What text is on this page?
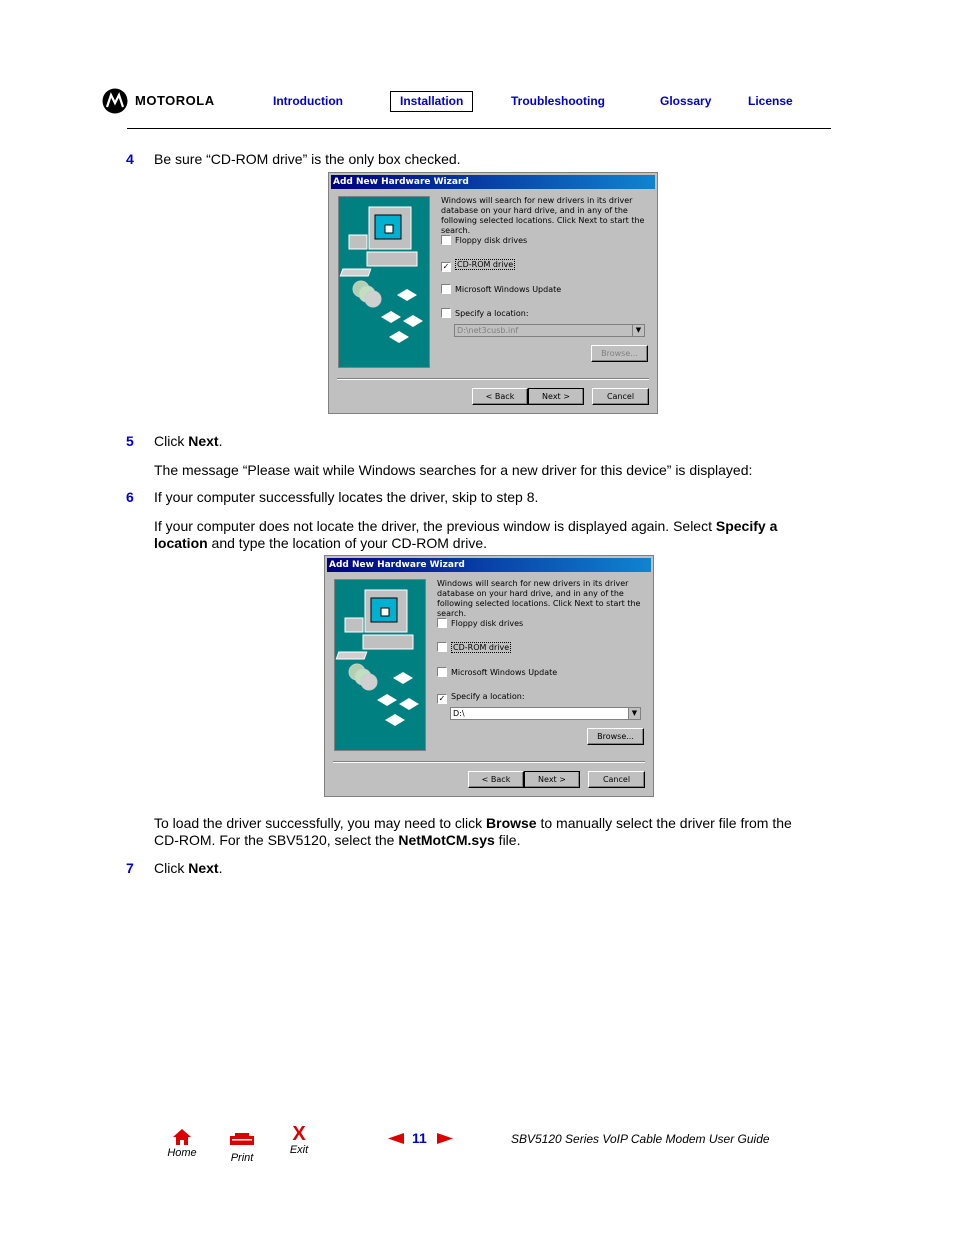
MOTOROLA	Introduction	Installation	Troubleshooting	Glossary	License
4 Be sure “CD-ROM drive” is the only box checked.
Add New Hardware Wizard
Windows will search for new drivers in its driver database on your hard drive, and in any of the following selected locations. Click Next to start the search.
Floppy disk drives
✓ CD-ROM drive
Microsoft Windows Update
Specify a location:
D:\net3cusb.inf	▼
Browse...
< Back	Next >	Cancel
5 Click Next.
The message “Please wait while Windows searches for a new driver for this device” is displayed:
6 If your computer successfully locates the driver, skip to step 8.
If your computer does not locate the driver, the previous window is displayed again. Select Specify a location and type the location of your CD-ROM drive.
Add New Hardware Wizard
Windows will search for new drivers in its driver database on your hard drive, and in any of the following selected locations. Click Next to start the search.
Floppy disk drives
CD-ROM drive
Microsoft Windows Update
✓ Specify a location:
D:\	▼
Browse...
< Back	Next >	Cancel
To load the driver successfully, you may need to click Browse to manually select the driver file from the CD-ROM. For the SBV5120, select the NetMotCM.sys file.
7 Click Next.
Home	Print
X
Exit
11	SBV5120 Series VoIP Cable Modem User Guide
